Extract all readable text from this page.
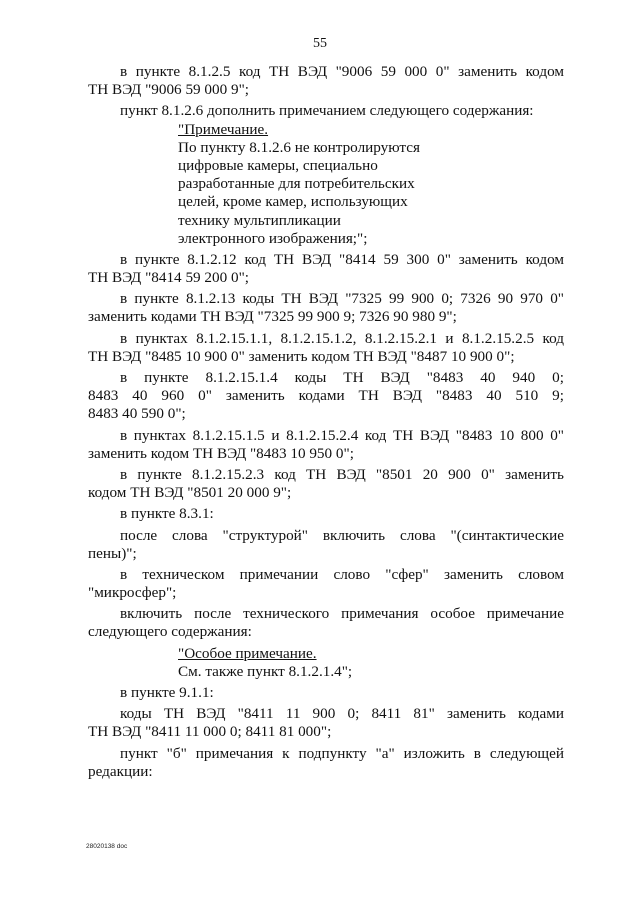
55
в пункте 8.1.2.5 код ТН ВЭД "9006 59 000 0" заменить кодом
ТН ВЭД "9006 59 000 9";
пункт 8.1.2.6 дополнить примечанием следующего содержания:
"Примечание.
По пункту 8.1.2.6 не контролируются
цифровые камеры, специально
разработанные для потребительских
целей, кроме камер, использующих
технику мультипликации
электронного изображения;";
в пункте 8.1.2.12 код ТН ВЭД "8414 59 300 0" заменить кодом
ТН ВЭД "8414 59 200 0";
в пункте 8.1.2.13 коды ТН ВЭД "7325 99 900 0; 7326 90 970 0"
заменить кодами ТН ВЭД "7325 99 900 9; 7326 90 980 9";
в пунктах 8.1.2.15.1.1, 8.1.2.15.1.2, 8.1.2.15.2.1 и 8.1.2.15.2.5 код
ТН ВЭД "8485 10 900 0" заменить кодом ТН ВЭД "8487 10 900 0";
в пункте 8.1.2.15.1.4 коды ТН ВЭД "8483 40 940 0;
8483 40 960 0" заменить кодами ТН ВЭД "8483 40 510 9;
8483 40 590 0";
в пунктах 8.1.2.15.1.5 и 8.1.2.15.2.4 код ТН ВЭД "8483 10 800 0"
заменить кодом ТН ВЭД "8483 10 950 0";
в пункте 8.1.2.15.2.3 код ТН ВЭД "8501 20 900 0" заменить
кодом ТН ВЭД "8501 20 000 9";
в пункте 8.3.1:
после слова "структурой" включить слова "(синтактические
пены)";
в техническом примечании слово "сфер" заменить словом
"микросфер";
включить после технического примечания особое примечание
следующего содержания:
"Особое примечание.
См. также пункт 8.1.2.1.4";
в пункте 9.1.1:
коды ТН ВЭД "8411 11 900 0; 8411 81" заменить кодами
ТН ВЭД "8411 11 000 0; 8411 81 000";
пункт "б" примечания к подпункту "а" изложить в следующей
редакции:
28020138 doc
